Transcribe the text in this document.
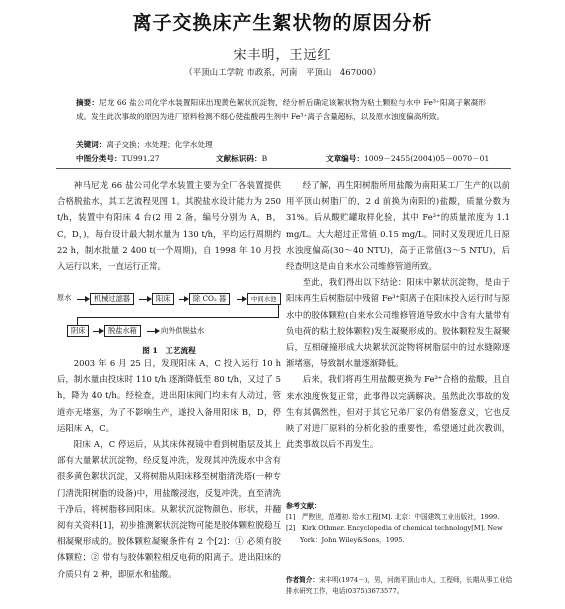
离子交换床产生絮状物的原因分析
宋丰明，王远红
（平顶山工学院 市政系，河南　平顶山　467000）

摘要：尼龙 66 盐公司化学水装置阳床出现黄色絮状沉淀物，经分析后确定该絮状物为粘土颗粒与水中 Fe³⁺阳离子絮凝形成。发生此次事故的原因为进厂原料检测不细心使盐酸再生剂中 Fe³⁺离子含量超标，以及原水浊度偏高所致。

关键词：离子交换；水处理；化学水处理
中图分类号：TU991.27	文献标识码：B	文章编号：1009－2455(2004)05－0070－01

神马尼龙 66 盐公司化学水装置主要为全厂各装置提供合格脱盐水，其工艺流程见图 1。其脱盐水设计能力为 250 t/h，装置中有阳床 4 台(2 用 2 备，编号分别为 A，B，C，D，)，每台设计最大制水量为 130 t/h，平均运行周期约 22 h，制水批量 2 400 t(一个周期)，自 1998 年 10 月投入运行以来，一直运行正常。

原水	机械过滤器	阳床	除 CO₂ 器	中间水池
阴床	脱盐水箱	向外供脱盐水
图 1　工艺流程

2003 年 6 月 25 日，发现阳床 A，C 投入运行 10 h 后，制水量由投床时 110 t/h 逐渐降低至 80 t/h，又过了 5 h，降为 40 t/h。经检查，进出阳床阀门均未有人动过，管道亦无堵塞，为了不影响生产，遂投入备用阳床 B，D，停运阳床 A，C。

阳床 A，C 停运后，从其床体视镜中看到树脂层及其上部有大量絮状沉淀物，经反复冲洗，发现其冲洗废水中含有很多黄色絮状沉淀，又将树脂从阳床移至树脂清洗塔(一种专门清洗阳树脂的设备)中，用盐酸浸泡，反复冲洗，直至清洗干净后，将树脂移回阳床。从絮状沉淀物颜色、形状，并翻阅有关资料[1]，初步推测絮状沉淀物可能是胶体颗粒脱稳互相凝聚形成的。胶体颗粒凝聚条件有 2 个[2]：① 必须有胶体颗粒；② 带有与胶体颗粒相反电荷的阳离子。进出阳床的介质只有 2 种，即原水和盐酸。

经了解，再生阳树脂所用盐酸为南阳某工厂生产的(以前用平顶山树脂厂的，2 d 前换为南阳的)盐酸，质量分数为 31%。后从酸贮罐取样化验，其中 Fe³⁺的质量浓度为 1.1 mg/L。大大超过正常值 0.15 mg/L。同时又发现近几日原水浊度偏高(30～40 NTU)，高于正常值(3～5 NTU)，后经查明这是由自来水公司维修管道所致。

至此，我们得出以下结论：阳床中絮状沉淀物，是由于阳床再生后树脂层中残留 Fe³⁺阳离子在阳床投入运行时与原水中的胶体颗粒(自来水公司维修管道导致水中含有大量带有负电荷的粘土胶体颗粒)发生凝聚形成的。胶体颗粒发生凝聚后，互相碰撞形成大块絮状沉淀物将树脂层中的过水缝隙逐渐堵塞，导致制水量逐渐降低。

后来，我们将再生用盐酸更换为 Fe³⁺合格的盐酸，且自来水浊度恢复正常，此事得以完满解决。虽然此次事故的发生有其偶然性，但对于其它兄弟厂家仍有借鉴意义，它也反映了对进厂原料的分析化验的重要性，希望通过此次教训，此类事故以后不再发生。

参考文献：
[1]　严煦世，范瑾初. 给水工程[M]. 北京：中国建筑工业出版社，1999.
[2]　Kirk Othmer. Encyclopedia of chemical technology[M]. New York：John Wiley&Sons，1995.
作者简介：宋丰明(1974－)，男，河南平顶山市人，工程师，长期从事工业给排水研究工作，电话(0375)3673577。
